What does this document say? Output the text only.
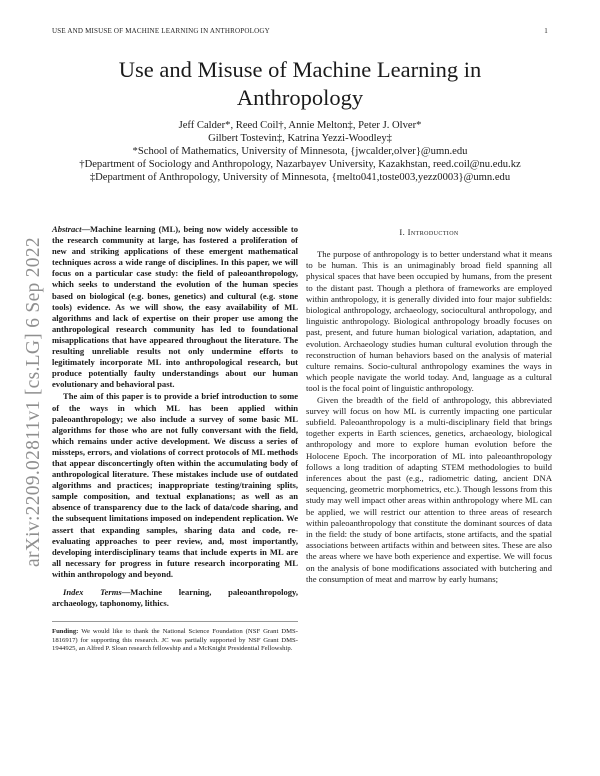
USE AND MISUSE OF MACHINE LEARNING IN ANTHROPOLOGY	1
arXiv:2209.02811v1 [cs.LG] 6 Sep 2022
Use and Misuse of Machine Learning in
Anthropology
Jeff Calder*, Reed Coil†, Annie Melton‡, Peter J. Olver*
Gilbert Tostevin‡, Katrina Yezzi-Woodley‡
*School of Mathematics, University of Minnesota, {jwcalder,olver}@umn.edu
†Department of Sociology and Anthropology, Nazarbayev University, Kazakhstan, reed.coil@nu.edu.kz
‡Department of Anthropology, University of Minnesota, {melto041,toste003,yezz0003}@umn.edu

Abstract—Machine learning (ML), being now widely accessible to the research community at large, has fostered a proliferation of new and striking applications of these emergent mathematical techniques across a wide range of disciplines. In this paper, we will focus on a particular case study: the field of paleoanthropology, which seeks to understand the evolution of the human species based on biological (e.g. bones, genetics) and cultural (e.g. stone tools) evidence. As we will show, the easy availability of ML algorithms and lack of expertise on their proper use among the anthropological research community has led to foundational misapplications that have appeared throughout the literature. The resulting unreliable results not only undermine efforts to legitimately incorporate ML into anthropological research, but produce potentially faulty understandings about our human evolutionary and behavioral past.

The aim of this paper is to provide a brief introduction to some of the ways in which ML has been applied within paleoanthropology; we also include a survey of some basic ML algorithms for those who are not fully conversant with the field, which remains under active development. We discuss a series of missteps, errors, and violations of correct protocols of ML methods that appear disconcertingly often within the accumulating body of anthropological literature. These mistakes include use of outdated algorithms and practices; inappropriate testing/training splits, sample composition, and textual explanations; as well as an absence of transparency due to the lack of data/code sharing, and the subsequent limitations imposed on independent replication. We assert that expanding samples, sharing data and code, re-evaluating approaches to peer review, and, most importantly, developing interdisciplinary teams that include experts in ML are all necessary for progress in future research incorporating ML within anthropology and beyond.

Index Terms—Machine learning, paleoanthropology, archaeology, taphonomy, lithics.

Funding: We would like to thank the National Science Foundation (NSF Grant DMS-1816917) for supporting this research. JC was partially supported by NSF Grant DMS-1944925, an Alfred P. Sloan research fellowship and a McKnight Presidential Fellowship.
I. Introduction

The purpose of anthropology is to better understand what it means to be human. This is an unimaginably broad field spanning all physical spaces that have been occupied by humans, from the present to the distant past. Though a plethora of frameworks are employed within anthropology, it is generally divided into four major subfields: biological anthropology, archaeology, sociocultural anthropology, and linguistic anthropology. Biological anthropology broadly focuses on past, present, and future human biological variation, adaptation, and evolution. Archaeology studies human cultural evolution through the reconstruction of human behaviors based on the analysis of material culture remains. Socio-cultural anthropology examines the ways in which people navigate the world today. And, language as a cultural tool is the focal point of linguistic anthropology.

Given the breadth of the field of anthropology, this abbreviated survey will focus on how ML is currently impacting one particular subfield. Paleoanthropology is a multi-disciplinary field that brings together experts in Earth sciences, genetics, archaeology, biological anthropology and more to explore human evolution before the Holocene Epoch. The incorporation of ML into paleoanthropology follows a long tradition of adapting STEM methodologies to build inferences about the past (e.g., radiometric dating, ancient DNA sequencing, geometric morphometrics, etc.). Though lessons from this study may well impact other areas within anthropology where ML can be applied, we will restrict our attention to three areas of research within paleoanthropology that constitute the dominant sources of data in the field: the study of bone artifacts, stone artifacts, and the spatial associations between artifacts within and between sites. These are also the areas where we have both experience and expertise. We will focus on the analysis of bone modifications associated with butchering and the consumption of meat and marrow by early humans;
